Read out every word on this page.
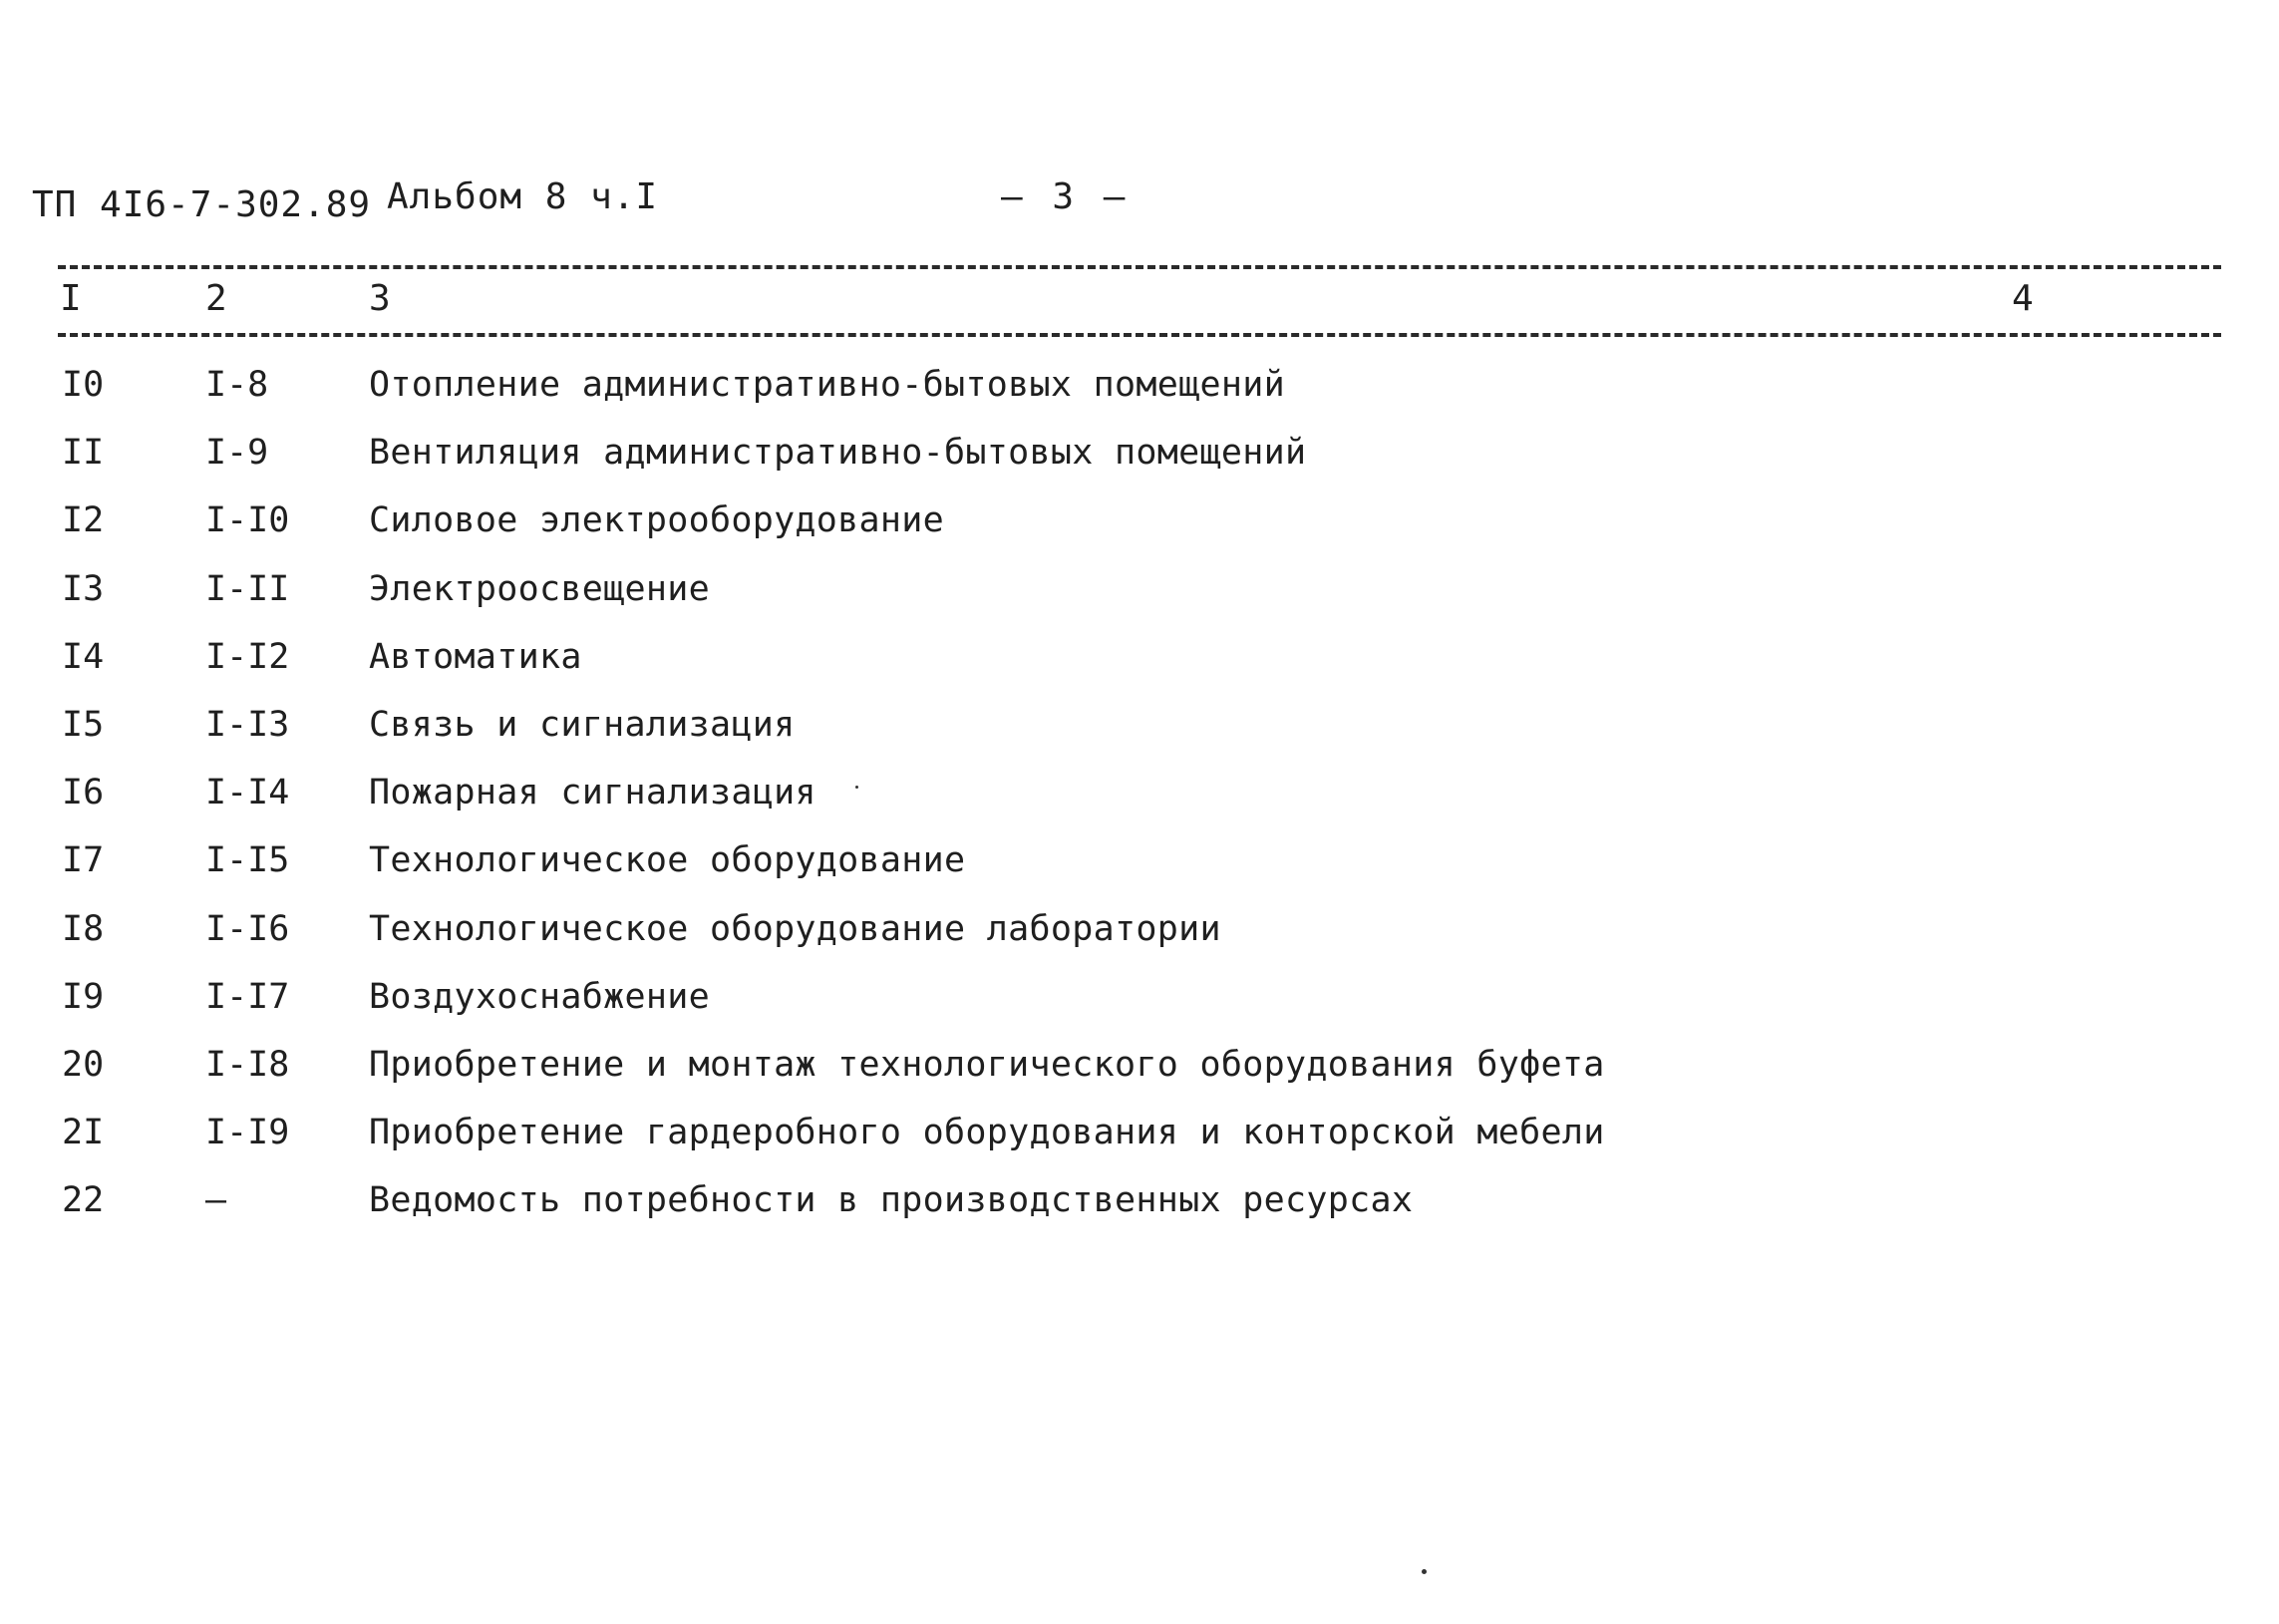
ТП 4I6-7-302.89 Альбом 8 ч.I	– 3 –
I	2	3	4
I0	I-8	Отопление административно-бытовых помещений
II	I-9	Вентиляция административно-бытовых помещений
I2	I-I0 Силовое электрооборудование
I3	I-II Электроосвещение
I4	I-I2 Автоматика
I5	I-I3 Связь и сигнализация
I6	I-I4 Пожарная сигнализация
I7	I-I5 Технологическое оборудование
I8	I-I6 Технологическое оборудование лаборатории
I9	I-I7 Воздухоснабжение
20	I-I8 Приобретение и монтаж технологического оборудования буфета
2I	I-I9 Приобретение гардеробного оборудования и конторской мебели
22	–	Ведомость потребности в производственных ресурсах
